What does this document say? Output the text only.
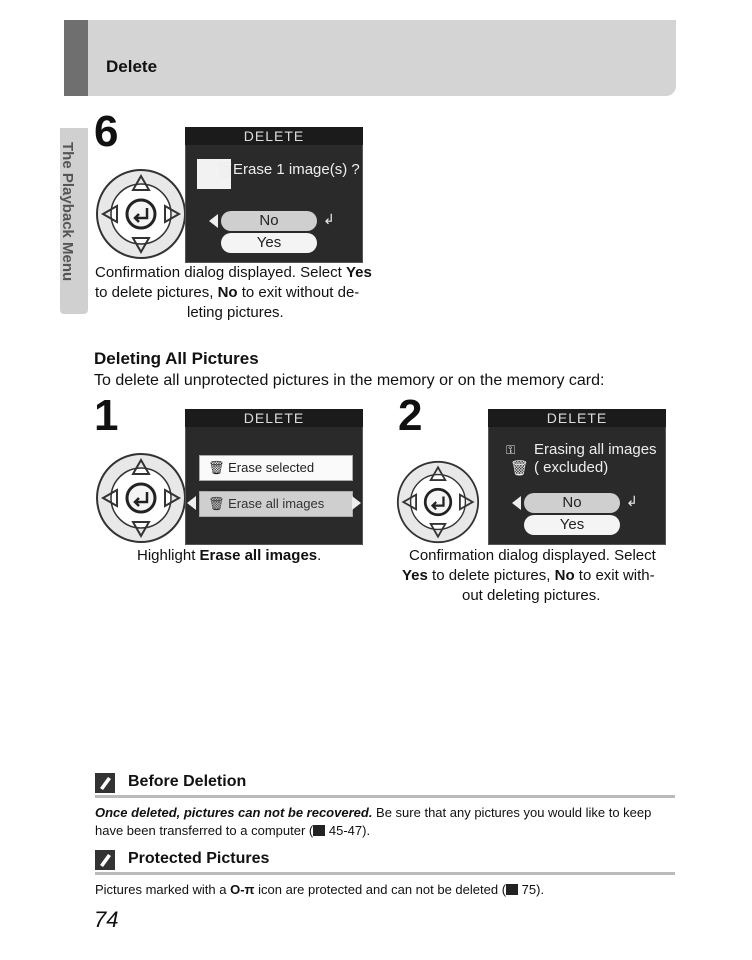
Delete
The Playback Menu
6	DELETE
🗑
Erase 1 image(s) ?
No	↲
Yes
Confirmation dialog displayed. Select Yes
to delete pictures, No to exit without de-
leting pictures.
Deleting All Pictures
To delete all unprotected pictures in the memory or on the memory card:
1	DELETE
🗑 Erase selected
🗑 Erase all images
Highlight Erase all images.
2	DELETE
⚿ Erasing all images
🗑 ( excluded)
No	↲
Yes
Confirmation dialog displayed. Select
Yes to delete pictures, No to exit with-
out deleting pictures.
Before Deletion
Once deleted, pictures can not be recovered. Be sure that any pictures you would like to keep
have been transferred to a computer ( 45-47).
Protected Pictures
Pictures marked with a O-π icon are protected and can not be deleted ( 75).
74
